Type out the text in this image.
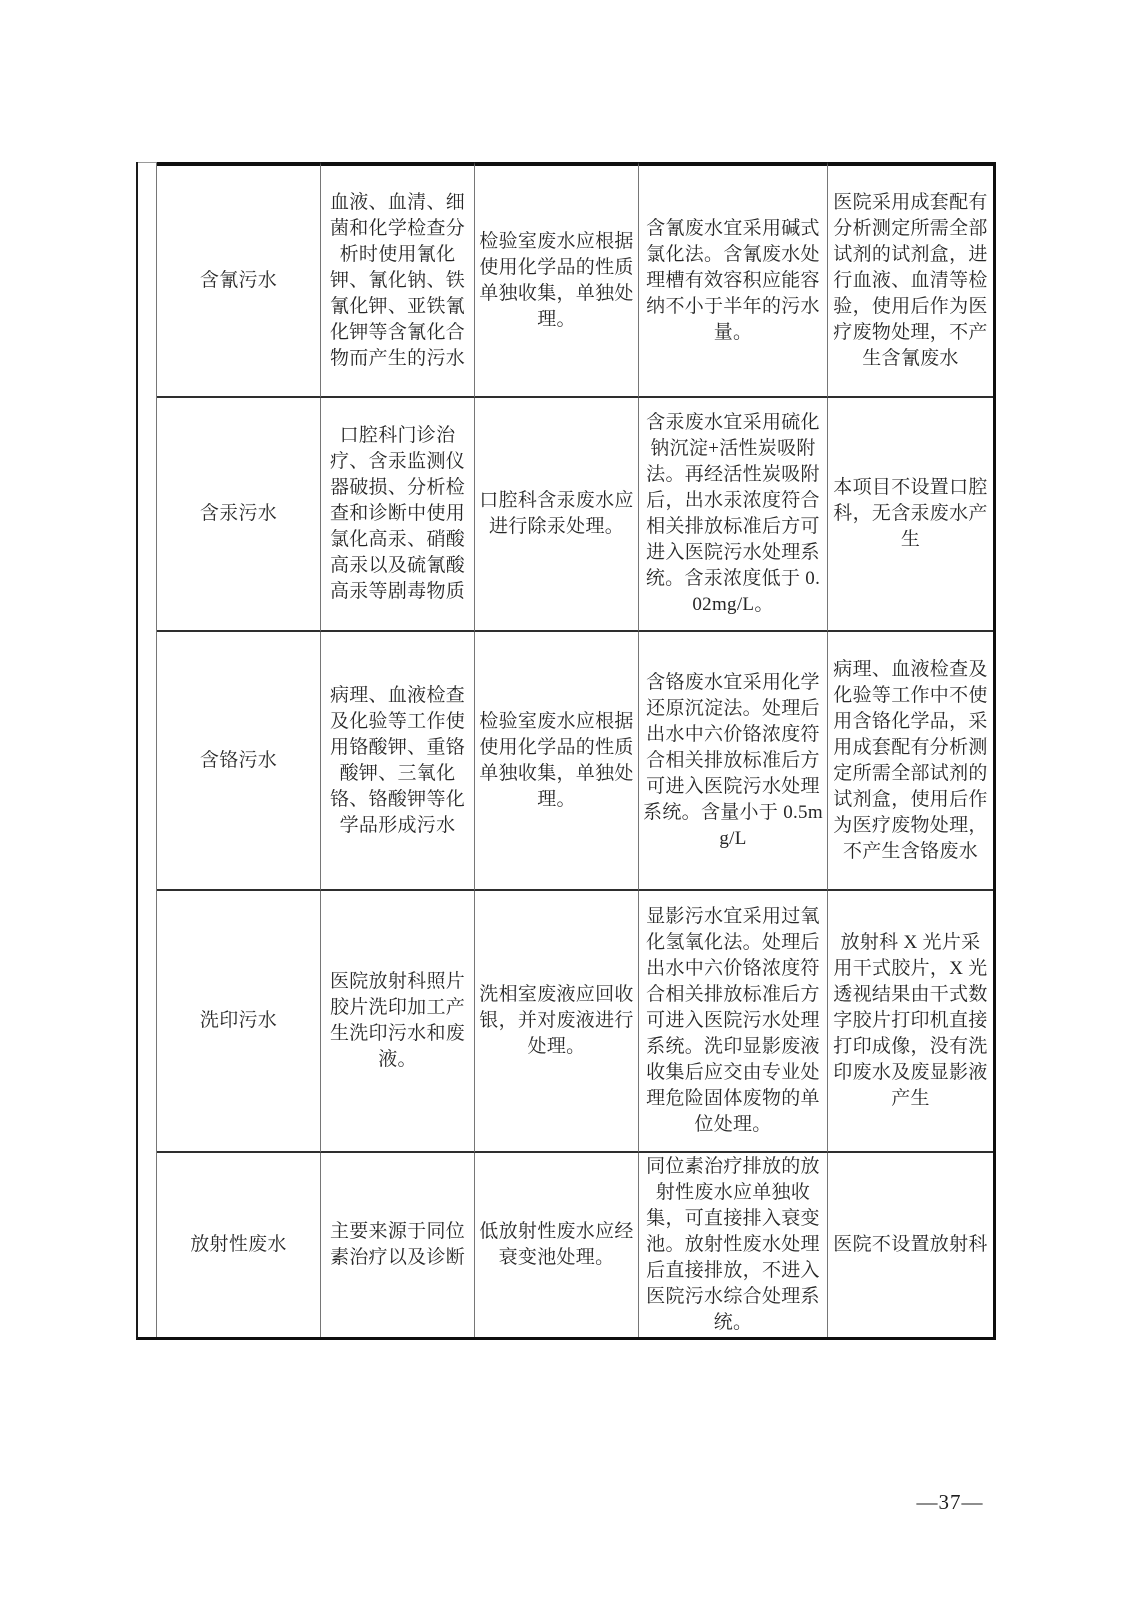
含氰污水
血液、血清、细菌和化学检查分析时使用氰化钾、氰化钠、铁氰化钾、亚铁氰化钾等含氰化合物而产生的污水
检验室废水应根据使用化学品的性质单独收集，单独处理。
含氰废水宜采用碱式氯化法。含氰废水处理槽有效容积应能容纳不小于半年的污水量。
医院采用成套配有分析测定所需全部试剂的试剂盒，进行血液、血清等检验，使用后作为医疗废物处理，不产生含氰废水
含汞污水
口腔科门诊治疗、含汞监测仪器破损、分析检查和诊断中使用氯化高汞、硝酸高汞以及硫氰酸高汞等剧毒物质
口腔科含汞废水应进行除汞处理。
含汞废水宜采用硫化钠沉淀+活性炭吸附法。再经活性炭吸附后，出水汞浓度符合相关排放标准后方可进入医院污水处理系统。含汞浓度低于 0.02mg/L。
本项目不设置口腔科，无含汞废水产生
含铬污水
病理、血液检查及化验等工作使用铬酸钾、重铬酸钾、三氧化铬、铬酸钾等化学品形成污水
检验室废水应根据使用化学品的性质单独收集，单独处理。
含铬废水宜采用化学还原沉淀法。处理后出水中六价铬浓度符合相关排放标准后方可进入医院污水处理系统。含量小于 0.5mg/L
病理、血液检查及化验等工作中不使用含铬化学品，采用成套配有分析测定所需全部试剂的试剂盒，使用后作为医疗废物处理，不产生含铬废水
洗印污水
医院放射科照片胶片洗印加工产生洗印污水和废液。
洗相室废液应回收银，并对废液进行处理。
显影污水宜采用过氧化氢氧化法。处理后出水中六价铬浓度符合相关排放标准后方可进入医院污水处理系统。洗印显影废液收集后应交由专业处理危险固体废物的单位处理。
放射科 X 光片采用干式胶片，X 光透视结果由干式数字胶片打印机直接打印成像，没有洗印废水及废显影液产生
放射性废水
主要来源于同位素治疗以及诊断
低放射性废水应经衰变池处理。
同位素治疗排放的放射性废水应单独收集，可直接排入衰变池。放射性废水处理后直接排放，不进入医院污水综合处理系统。
医院不设置放射科
—37—
